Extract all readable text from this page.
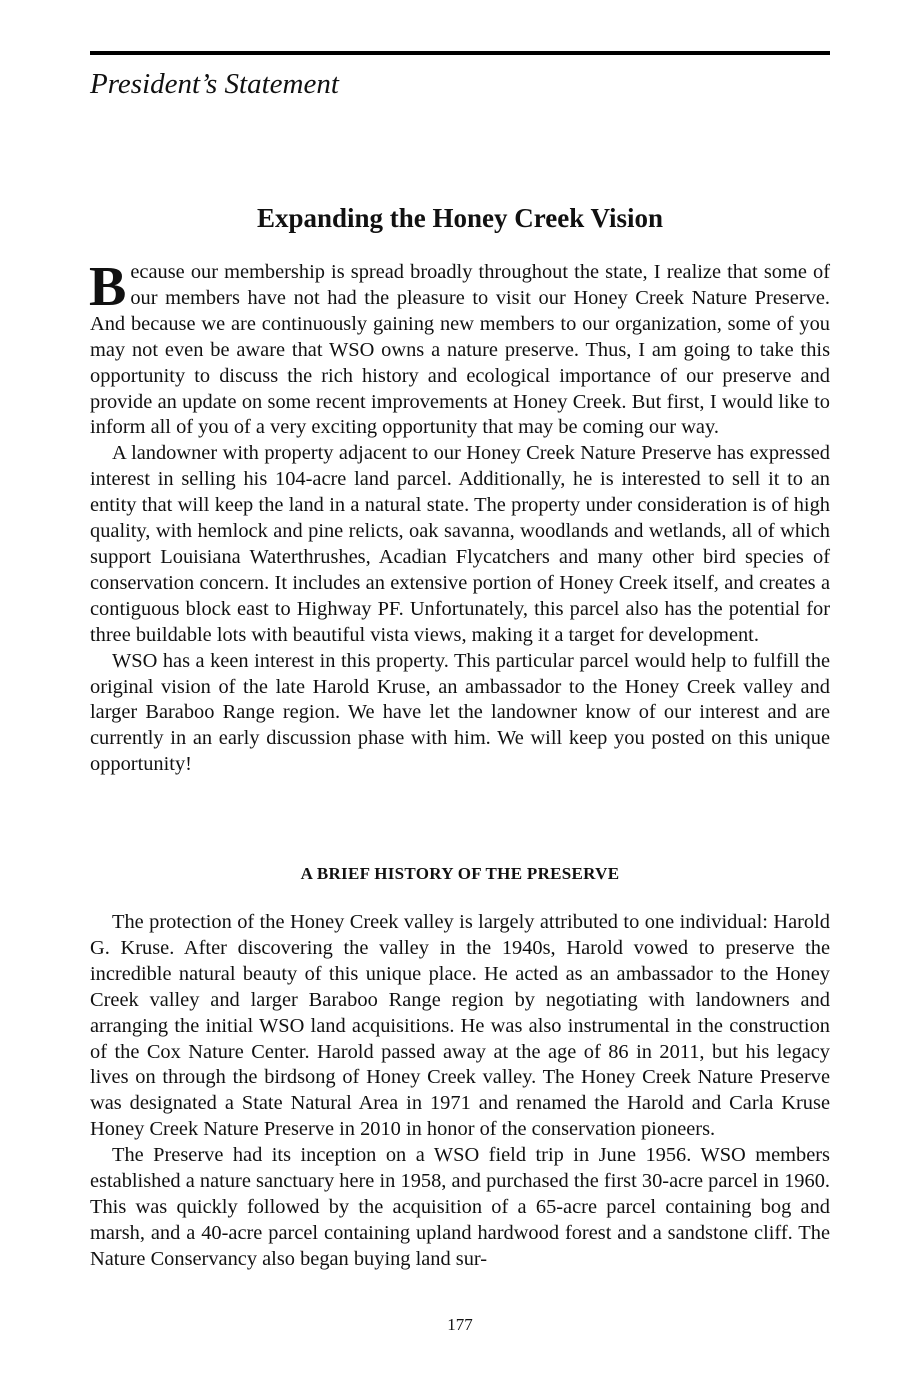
President’s Statement
Expanding the Honey Creek Vision

Because our membership is spread broadly throughout the state, I realize that some of our members have not had the pleasure to visit our Honey Creek Nature Preserve. And because we are continuously gaining new members to our organization, some of you may not even be aware that WSO owns a nature preserve. Thus, I am going to take this opportunity to discuss the rich history and ecological importance of our preserve and provide an update on some recent improvements at Honey Creek. But first, I would like to inform all of you of a very exciting opportunity that may be coming our way.

A landowner with property adjacent to our Honey Creek Nature Preserve has expressed interest in selling his 104-acre land parcel. Additionally, he is interested to sell it to an entity that will keep the land in a natural state. The property under consideration is of high quality, with hemlock and pine relicts, oak savanna, woodlands and wetlands, all of which support Louisiana Waterthrushes, Acadian Flycatchers and many other bird species of conservation concern. It includes an extensive portion of Honey Creek itself, and creates a contiguous block east to Highway PF. Unfortunately, this parcel also has the potential for three buildable lots with beautiful vista views, making it a target for development.

WSO has a keen interest in this property. This particular parcel would help to fulfill the original vision of the late Harold Kruse, an ambassador to the Honey Creek valley and larger Baraboo Range region. We have let the landowner know of our interest and are currently in an early discussion phase with him. We will keep you posted on this unique opportunity!

A BRIEF HISTORY OF THE PRESERVE

The protection of the Honey Creek valley is largely attributed to one individual: Harold G. Kruse. After discovering the valley in the 1940s, Harold vowed to preserve the incredible natural beauty of this unique place. He acted as an ambassador to the Honey Creek valley and larger Baraboo Range region by negotiating with landowners and arranging the initial WSO land acquisitions. He was also instrumental in the construction of the Cox Nature Center. Harold passed away at the age of 86 in 2011, but his legacy lives on through the birdsong of Honey Creek valley. The Honey Creek Nature Preserve was designated a State Natural Area in 1971 and renamed the Harold and Carla Kruse Honey Creek Nature Preserve in 2010 in honor of the conservation pioneers.

The Preserve had its inception on a WSO field trip in June 1956. WSO members established a nature sanctuary here in 1958, and purchased the first 30-acre parcel in 1960. This was quickly followed by the acquisition of a 65-acre parcel containing bog and marsh, and a 40-acre parcel containing upland hardwood forest and a sandstone cliff. The Nature Conservancy also began buying land sur-

177
